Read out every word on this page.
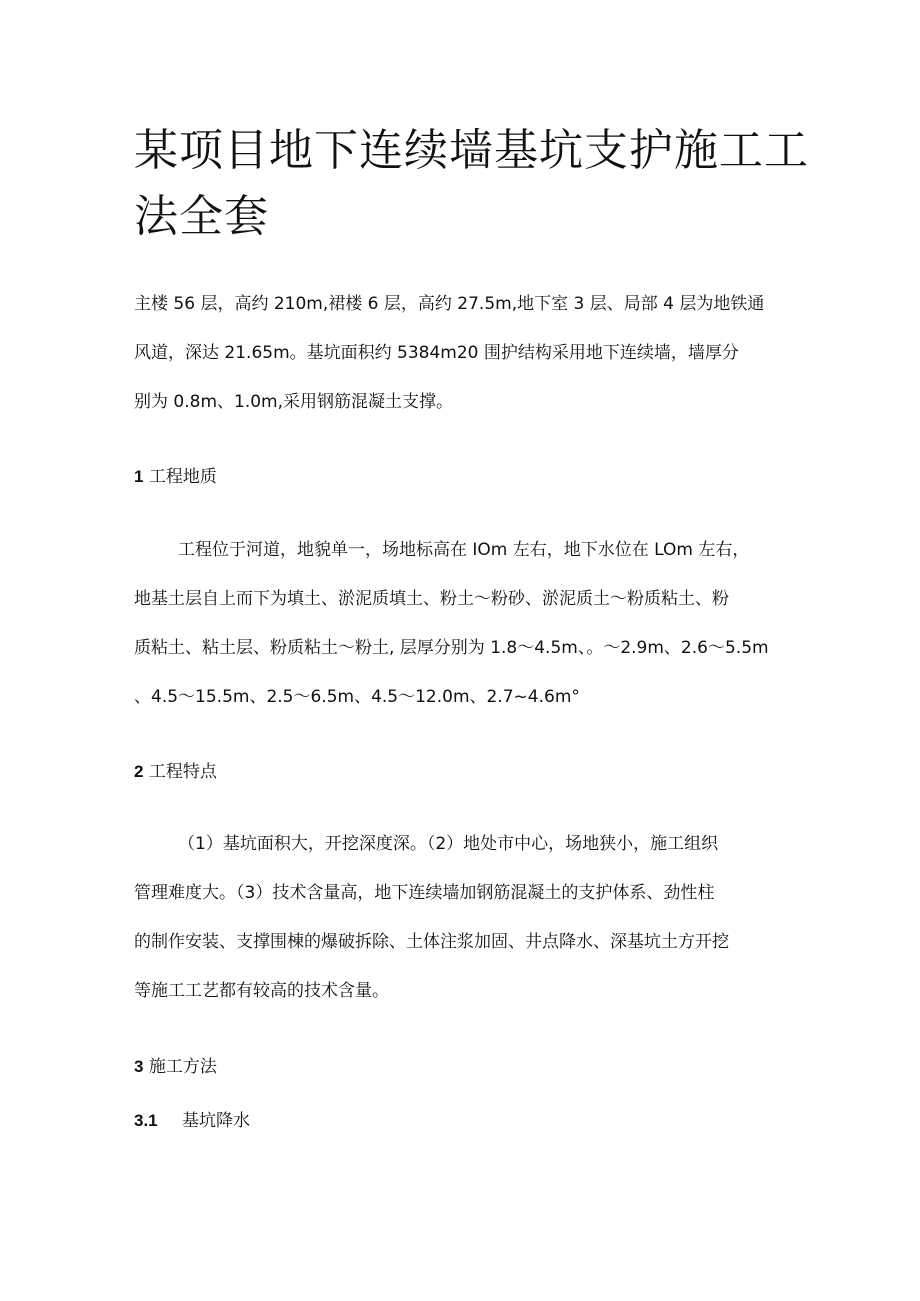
某项目地下连续墙基坑支护施工工
法全套

主楼 56 层，高约 210m,裙楼 6 层，高约 27.5m,地下室 3 层、局部 4 层为地铁通

风道，深达 21.65m。基坑面积约 5384m20 围护结构采用地下连续墙，墙厚分

别为 0.8m、1.0m,采用钢筋混凝土支撑。

1 工程地质

工程位于河道，地貌单一，场地标高在 IOm 左右，地下水位在 LOm 左右，

地基土层自上而下为填土、淤泥质填土、粉土～粉砂、淤泥质土～粉质粘土、粉

质粘土、粘土层、粉质粘土～粉土, 层厚分别为 1.8～4.5m、。～2.9m、2.6～5.5m

、4.5～15.5m、2.5～6.5m、4.5～12.0m、2.7~4.6m°

2 工程特点

（1）基坑面积大，开挖深度深。（2）地处市中心，场地狭小，施工组织

管理难度大。（3）技术含量高，地下连续墙加钢筋混凝土的支护体系、劲性柱

的制作安装、支撑围棟的爆破拆除、土体注浆加固、井点降水、深基坑土方开挖

等施工工艺都有较高的技术含量。

3 施工方法
3.1 基坑降水
